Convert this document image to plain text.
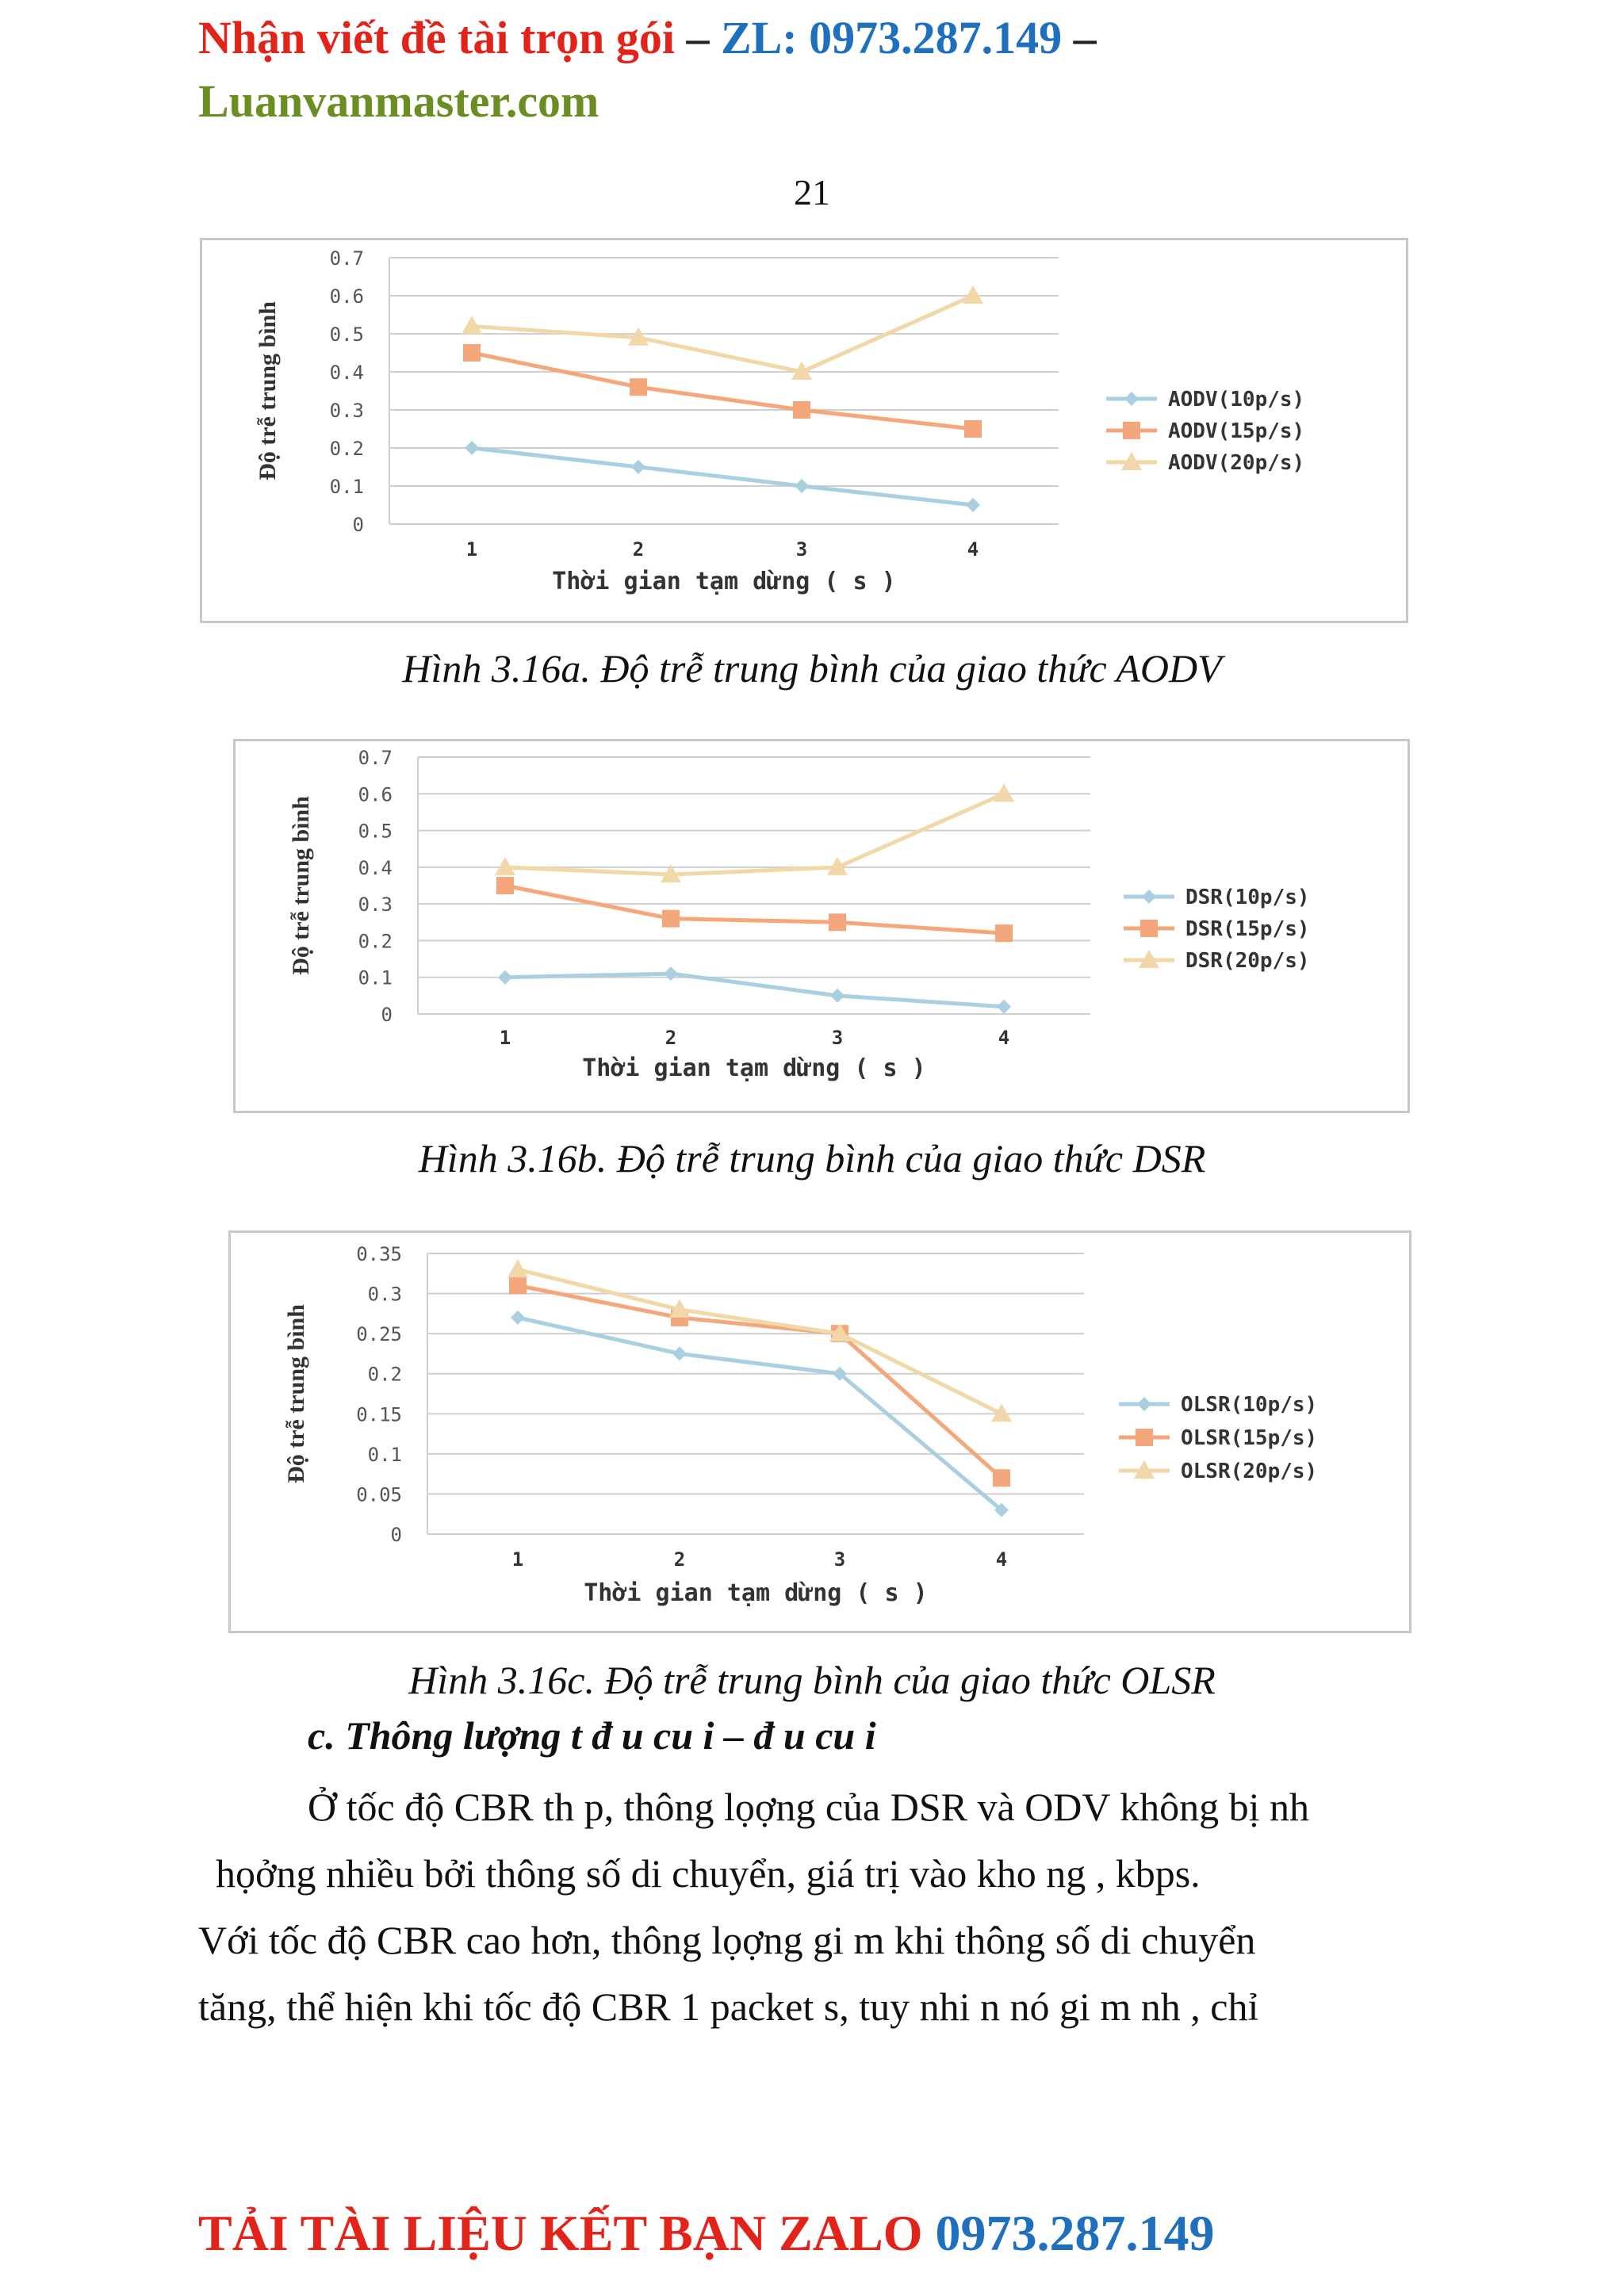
Nhận viết đề tài trọn gói – ZL: 0973.287.149 –
Luanvanmaster.com
21
0
0.1
0.2
0.3
0.4
0.5
0.6
0.7
1	2	3	4
Thời gian tạm dừng ( s )
Độ trễ trung bình	AODV(10p/s)
AODV(15p/s)
AODV(20p/s)
Hình 3.16a. Độ trễ trung bình của giao thức AODV
0
0.1
0.2
0.3
0.4
0.5
0.6
0.7
1	2	3	4
Thời gian tạm dừng ( s )
Độ trễ trung bình	DSR(10p/s)
DSR(15p/s)
DSR(20p/s)
Hình 3.16b. Độ trễ trung bình của giao thức DSR
0
0.05
0.1
0.15
0.2
0.25
0.3
0.35
1	2	3	4
Thời gian tạm dừng ( s )
Độ trễ trung bình	OLSR(10p/s)
OLSR(15p/s)
OLSR(20p/s)
Hình 3.16c. Độ trễ trung bình của giao thức OLSR
c. Thông lượng t đ u cu i – đ u cu i
Ở tốc độ CBR th p, thông lọợng của DSR và ODV không bị nh
họởng nhiều bởi thông số di chuyển, giá trị vào kho ng , kbps.
Với tốc độ CBR cao hơn, thông lọợng gi m khi thông số di chuyển
tăng, thể hiện khi tốc độ CBR 1 packet s, tuy nhi n nó gi m nh , chỉ
TẢI TÀI LIỆU KẾT BẠN ZALO 0973.287.149
